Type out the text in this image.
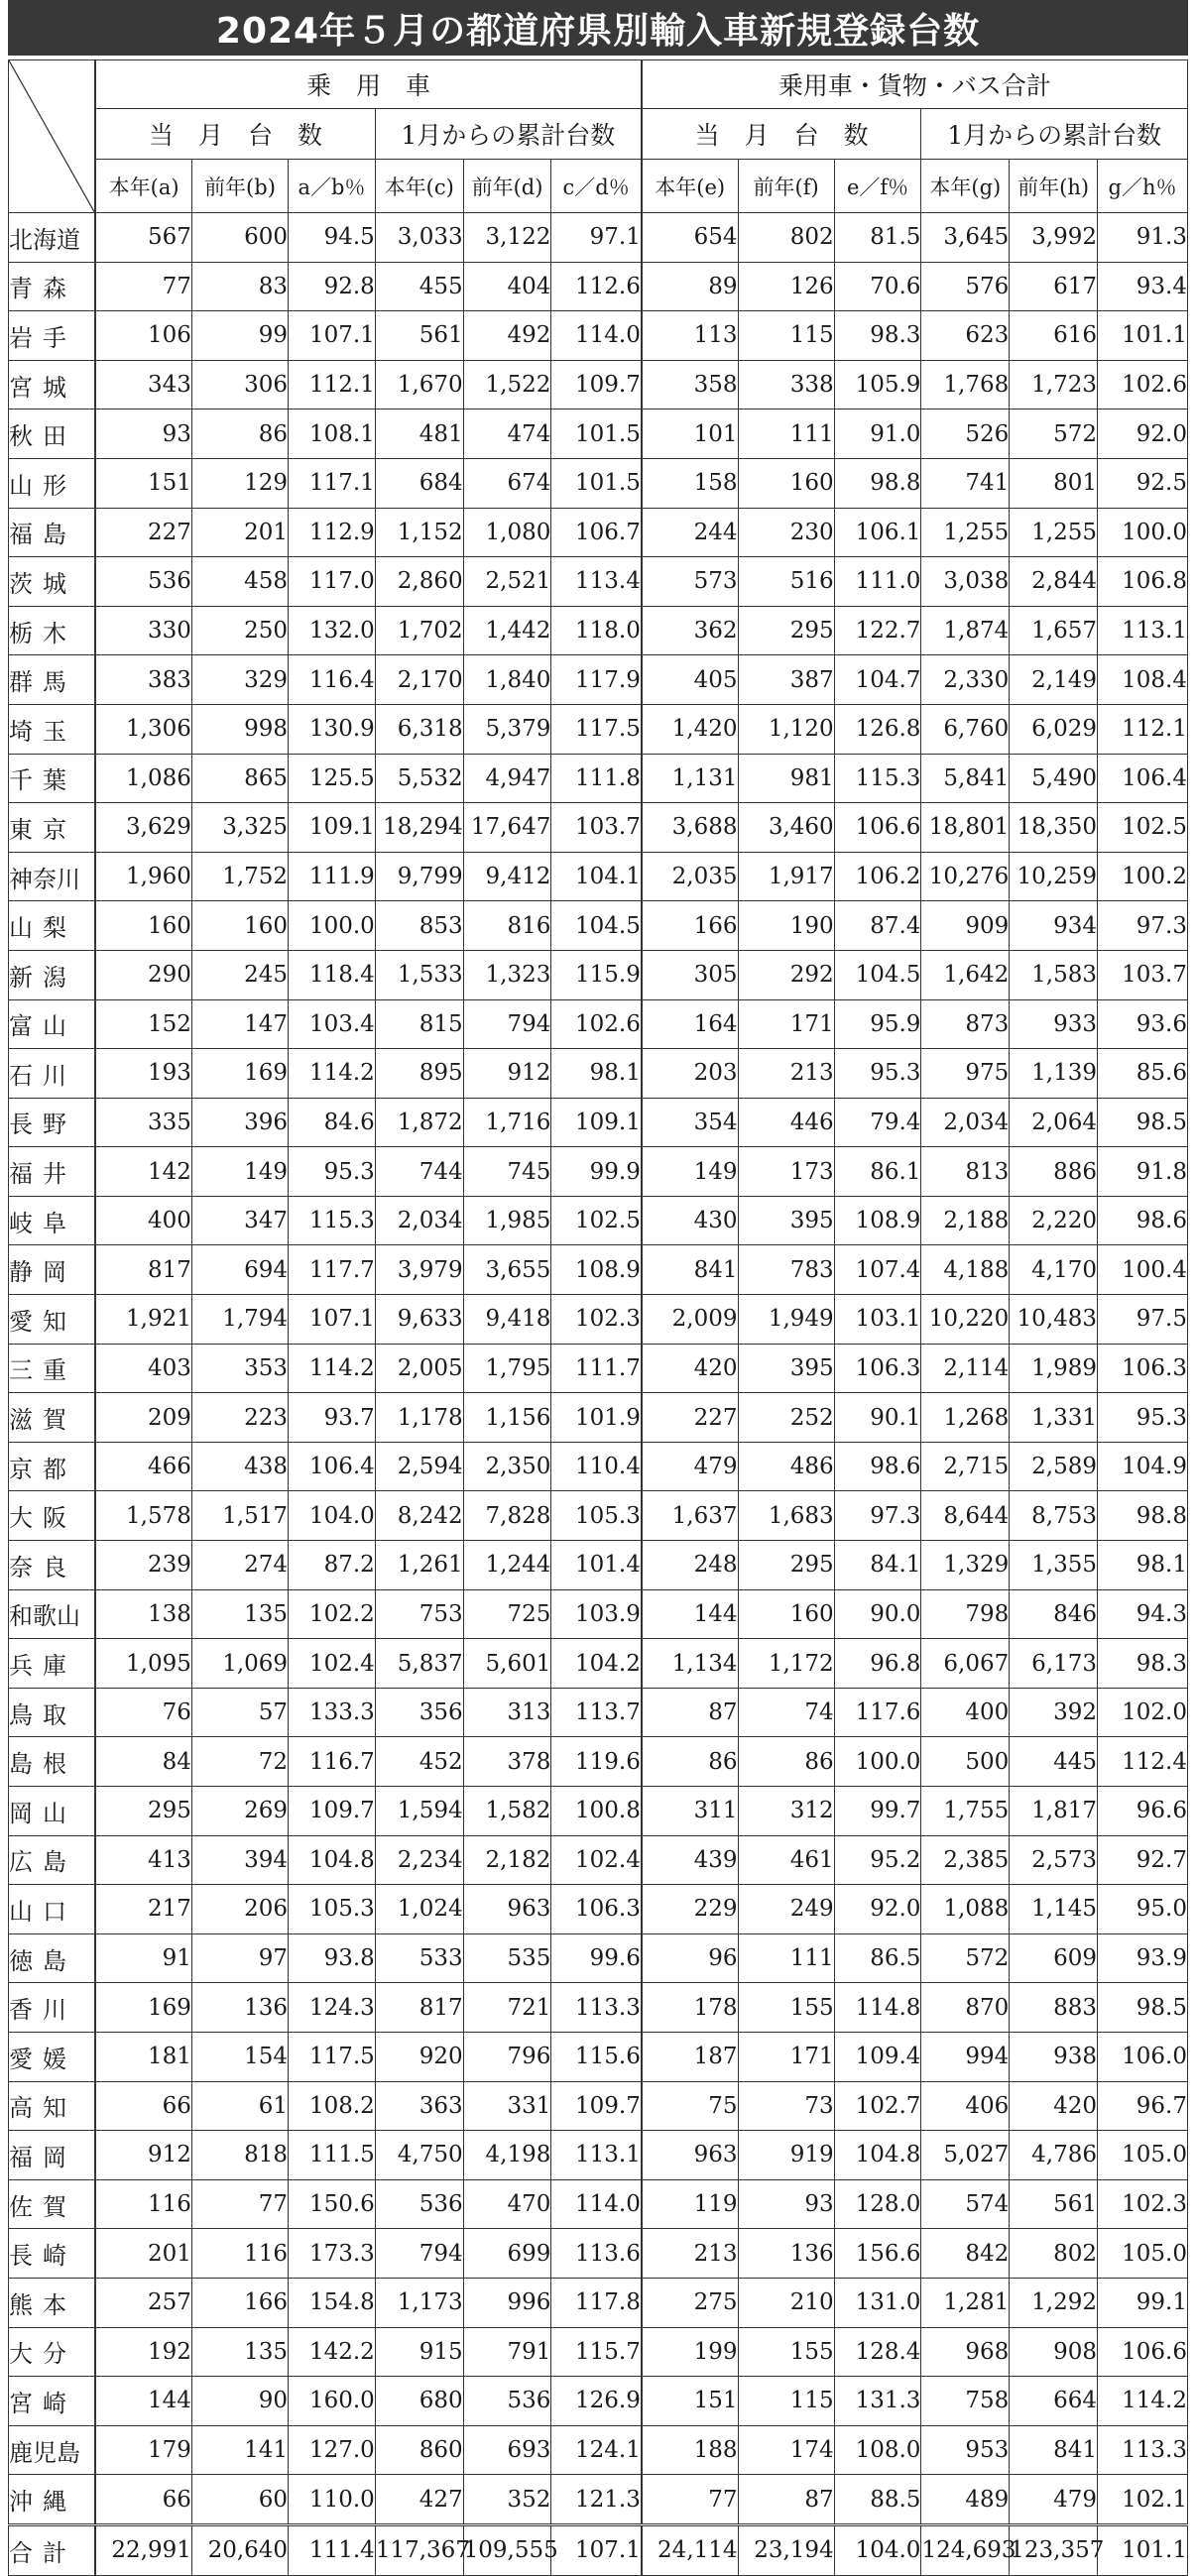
2024年５月の都道府県別輸入車新規登録台数
	乗　用　車						乗用車・貨物・バス合計					
	当　月　台　数			1月からの累計台数			当　月　台　数			1月からの累計台数		
	本年(a)	前年(b)	a／b％	本年(c)	前年(d)	c／d％	本年(e)	前年(f)	e／f％	本年(g)	前年(h)	g／h％
北海道	567	600	94.5	3,033	3,122	97.1	654	802	81.5	3,645	3,992	91.3
青森	77	83	92.8	455	404	112.6	89	126	70.6	576	617	93.4
岩手	106	99	107.1	561	492	114.0	113	115	98.3	623	616	101.1
宮城	343	306	112.1	1,670	1,522	109.7	358	338	105.9	1,768	1,723	102.6
秋田	93	86	108.1	481	474	101.5	101	111	91.0	526	572	92.0
山形	151	129	117.1	684	674	101.5	158	160	98.8	741	801	92.5
福島	227	201	112.9	1,152	1,080	106.7	244	230	106.1	1,255	1,255	100.0
茨城	536	458	117.0	2,860	2,521	113.4	573	516	111.0	3,038	2,844	106.8
栃木	330	250	132.0	1,702	1,442	118.0	362	295	122.7	1,874	1,657	113.1
群馬	383	329	116.4	2,170	1,840	117.9	405	387	104.7	2,330	2,149	108.4
埼玉	1,306	998	130.9	6,318	5,379	117.5	1,420	1,120	126.8	6,760	6,029	112.1
千葉	1,086	865	125.5	5,532	4,947	111.8	1,131	981	115.3	5,841	5,490	106.4
東京	3,629	3,325	109.1	18,294	17,647	103.7	3,688	3,460	106.6	18,801	18,350	102.5
神奈川	1,960	1,752	111.9	9,799	9,412	104.1	2,035	1,917	106.2	10,276	10,259	100.2
山梨	160	160	100.0	853	816	104.5	166	190	87.4	909	934	97.3
新潟	290	245	118.4	1,533	1,323	115.9	305	292	104.5	1,642	1,583	103.7
富山	152	147	103.4	815	794	102.6	164	171	95.9	873	933	93.6
石川	193	169	114.2	895	912	98.1	203	213	95.3	975	1,139	85.6
長野	335	396	84.6	1,872	1,716	109.1	354	446	79.4	2,034	2,064	98.5
福井	142	149	95.3	744	745	99.9	149	173	86.1	813	886	91.8
岐阜	400	347	115.3	2,034	1,985	102.5	430	395	108.9	2,188	2,220	98.6
静岡	817	694	117.7	3,979	3,655	108.9	841	783	107.4	4,188	4,170	100.4
愛知	1,921	1,794	107.1	9,633	9,418	102.3	2,009	1,949	103.1	10,220	10,483	97.5
三重	403	353	114.2	2,005	1,795	111.7	420	395	106.3	2,114	1,989	106.3
滋賀	209	223	93.7	1,178	1,156	101.9	227	252	90.1	1,268	1,331	95.3
京都	466	438	106.4	2,594	2,350	110.4	479	486	98.6	2,715	2,589	104.9
大阪	1,578	1,517	104.0	8,242	7,828	105.3	1,637	1,683	97.3	8,644	8,753	98.8
奈良	239	274	87.2	1,261	1,244	101.4	248	295	84.1	1,329	1,355	98.1
和歌山	138	135	102.2	753	725	103.9	144	160	90.0	798	846	94.3
兵庫	1,095	1,069	102.4	5,837	5,601	104.2	1,134	1,172	96.8	6,067	6,173	98.3
鳥取	76	57	133.3	356	313	113.7	87	74	117.6	400	392	102.0
島根	84	72	116.7	452	378	119.6	86	86	100.0	500	445	112.4
岡山	295	269	109.7	1,594	1,582	100.8	311	312	99.7	1,755	1,817	96.6
広島	413	394	104.8	2,234	2,182	102.4	439	461	95.2	2,385	2,573	92.7
山口	217	206	105.3	1,024	963	106.3	229	249	92.0	1,088	1,145	95.0
徳島	91	97	93.8	533	535	99.6	96	111	86.5	572	609	93.9
香川	169	136	124.3	817	721	113.3	178	155	114.8	870	883	98.5
愛媛	181	154	117.5	920	796	115.6	187	171	109.4	994	938	106.0
高知	66	61	108.2	363	331	109.7	75	73	102.7	406	420	96.7
福岡	912	818	111.5	4,750	4,198	113.1	963	919	104.8	5,027	4,786	105.0
佐賀	116	77	150.6	536	470	114.0	119	93	128.0	574	561	102.3
長崎	201	116	173.3	794	699	113.6	213	136	156.6	842	802	105.0
熊本	257	166	154.8	1,173	996	117.8	275	210	131.0	1,281	1,292	99.1
大分	192	135	142.2	915	791	115.7	199	155	128.4	968	908	106.6
宮崎	144	90	160.0	680	536	126.9	151	115	131.3	758	664	114.2
鹿児島	179	141	127.0	860	693	124.1	188	174	108.0	953	841	113.3
沖縄	66	60	110.0	427	352	121.3	77	87	88.5	489	479	102.1
合計	22,991	20,640	111.4	117,367	109,555	107.1	24,114	23,194	104.0	124,693	123,357	101.1
